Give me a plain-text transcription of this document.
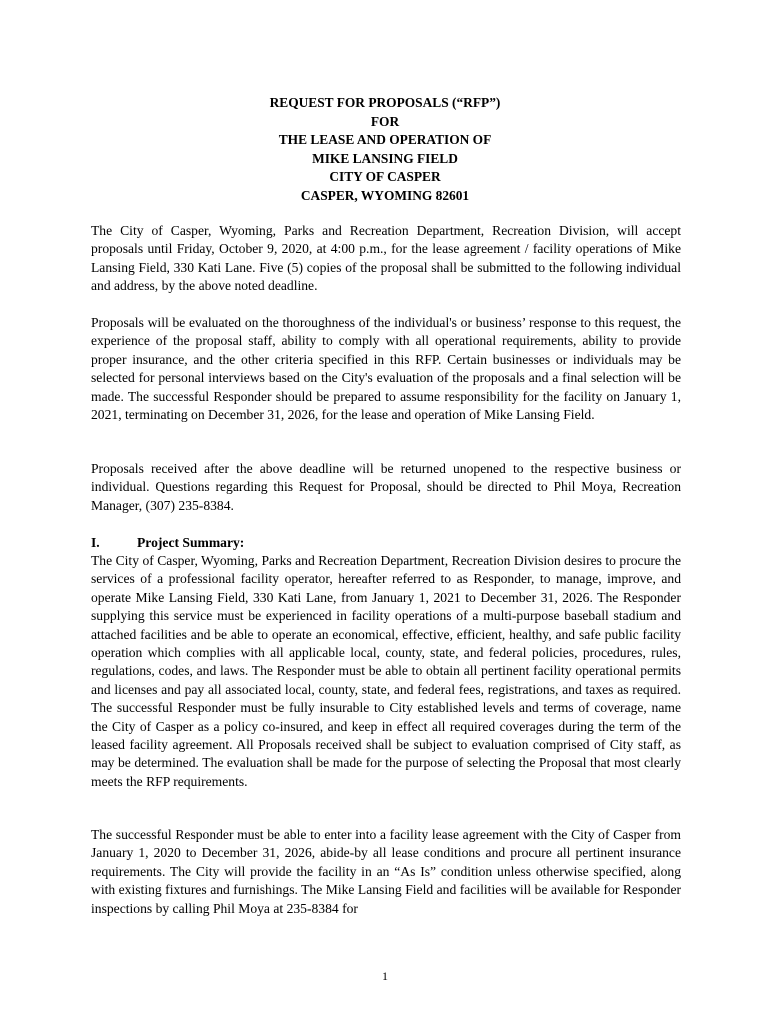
REQUEST FOR PROPOSALS (“RFP”)
FOR
THE LEASE AND OPERATION OF
MIKE LANSING FIELD
CITY OF CASPER
CASPER, WYOMING 82601

The City of Casper, Wyoming, Parks and Recreation Department, Recreation Division, will accept proposals until Friday, October 9, 2020, at 4:00 p.m., for the lease agreement / facility operations of Mike Lansing Field, 330 Kati Lane. Five (5) copies of the proposal shall be submitted to the following individual and address, by the above noted deadline.

Proposals will be evaluated on the thoroughness of the individual's or business’ response to this request, the experience of the proposal staff, ability to comply with all operational requirements, ability to provide proper insurance, and the other criteria specified in this RFP. Certain businesses or individuals may be selected for personal interviews based on the City's evaluation of the proposals and a final selection will be made. The successful Responder should be prepared to assume responsibility for the facility on January 1, 2021, terminating on December 31, 2026, for the lease and operation of Mike Lansing Field.

Proposals received after the above deadline will be returned unopened to the respective business or individual. Questions regarding this Request for Proposal, should be directed to Phil Moya, Recreation Manager, (307) 235-8384.

I.	Project Summary:

The City of Casper, Wyoming, Parks and Recreation Department, Recreation Division desires to procure the services of a professional facility operator, hereafter referred to as Responder, to manage, improve, and operate Mike Lansing Field, 330 Kati Lane, from January 1, 2021 to December 31, 2026. The Responder supplying this service must be experienced in facility operations of a multi-purpose baseball stadium and attached facilities and be able to operate an economical, effective, efficient, healthy, and safe public facility operation which complies with all applicable local, county, state, and federal policies, procedures, rules, regulations, codes, and laws. The Responder must be able to obtain all pertinent facility operational permits and licenses and pay all associated local, county, state, and federal fees, registrations, and taxes as required. The successful Responder must be fully insurable to City established levels and terms of coverage, name the City of Casper as a policy co-insured, and keep in effect all required coverages during the term of the leased facility agreement. All Proposals received shall be subject to evaluation comprised of City staff, as may be determined. The evaluation shall be made for the purpose of selecting the Proposal that most clearly meets the RFP requirements.

The successful Responder must be able to enter into a facility lease agreement with the City of Casper from January 1, 2020 to December 31, 2026, abide-by all lease conditions and procure all pertinent insurance requirements. The City will provide the facility in an “As Is” condition unless otherwise specified, along with existing fixtures and furnishings. The Mike Lansing Field and facilities will be available for Responder inspections by calling Phil Moya at 235-8384 for

1
